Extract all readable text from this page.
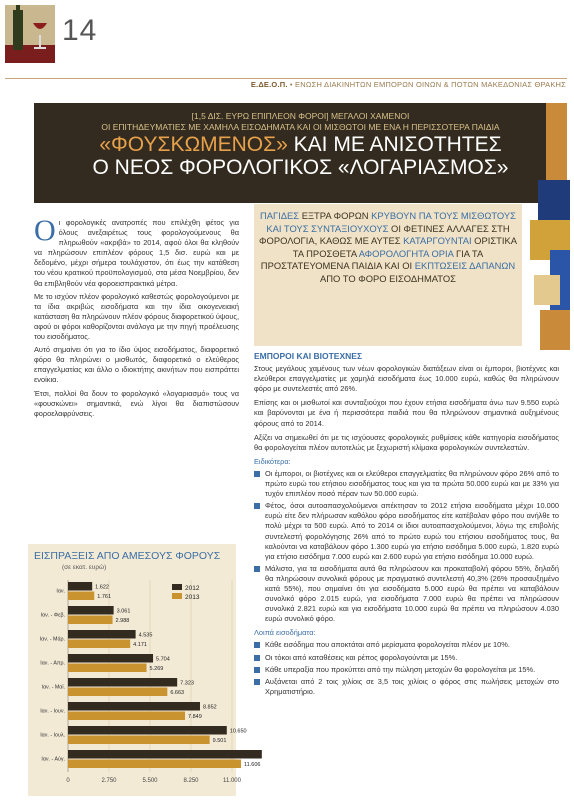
14
Ε.ΔΕ.Ο.Π. • ΕΝΩΣΗ ΔΙΑΚΙΝΗΤΩΝ ΕΜΠΟΡΩΝ ΟΙΝΩΝ & ΠΟΤΩΝ ΜΑΚΕΔΟΝΙΑΣ ΘΡΑΚΗΣ
[1,5 ΔΙΣ. ΕΥΡΩ ΕΠΙΠΛΕΟΝ ΦΟΡΟΙ] ΜΕΓΑΛΟΙ ΧΑΜΕΝΟΙ
ΟΙ ΕΠΙΤΗΔΕΥΜΑΤΙΕΣ ΜΕ ΧΑΜΗΛΑ ΕΙΣΟΔΗΜΑΤΑ ΚΑΙ ΟΙ ΜΙΣΘΩΤΟΙ ΜΕ ΕΝΑ Η ΠΕΡΙΣΣΟΤΕΡΑ ΠΑΙΔΙΑ
«ΦΟΥΣΚΩΜΕΝΟΣ» ΚΑΙ ΜΕ ΑΝΙΣΟΤΗΤΕΣ
Ο ΝΕΟΣ ΦΟΡΟΛΟΓΙΚΟΣ «ΛΟΓΑΡΙΑΣΜΟΣ»
ΠΑΓΙΔΕΣ ΕΞΤΡΑ ΦΟΡΩΝ ΚΡΥΒΟΥΝ ΠΑ ΤΟΥΣ ΜΙΣΘΩΤΟΥΣ ΚΑΙ ΤΟΥΣ ΣΥΝΤΑΞΙΟΥΧΟΥΣ ΟΙ ΦΕΤΙΝΕΣ ΑΛΛΑΓΕΣ ΣΤΗ ΦΟΡΟΛΟΓΙΑ, ΚΑΘΩΣ ΜΕ ΑΥΤΕΣ ΚΑΤΑΡΓΟΥΝΤΑΙ ΟΡΙΣΤΙΚΑ ΤΑ ΠΡΟΣΘΕΤΑ ΑΦΟΡΟΛΟΓΗΤΑ ΟΡΙΑ ΓΙΑ ΤΑ ΠΡΟΣΤΑΤΕΥΟΜΕΝΑ ΠΑΙΔΙΑ ΚΑΙ ΟΙ ΕΚΠΤΩΣΕΙΣ ΔΑΠΑΝΩΝ ΑΠΟ ΤΟ ΦΟΡΟ ΕΙΣΟΔΗΜΑΤΟΣ

Οι φορολογικές ανατροπές που επιλέχθη φέτος για όλους ανεξαιρέτως τους φορολογούμενους θα πληρωθούν «ακριβά» το 2014, αφού όλοι θα κληθούν να πληρώσουν επιπλέον φόρους 1,5 δισ. ευρώ και με δεδομένο, μέχρι σήμερα τουλάχιστον, ότι έως την κατάθεση του νέου κρατικού προϋπολογισμού, στα μέσα Νοεμβρίου, δεν θα επιβληθούν νέα φοροεισπρακτικά μέτρα.

Με το ισχύον πλέον φορολογικό καθεστώς φορολογούμενοι με τα ίδια ακριβώς εισοδήματα και την ίδια οικογενειακή κατάσταση θα πληρώνουν πλέον φόρους διαφορετικού ύψους, αφού οι φόροι καθορίζονται ανάλογα με την πηγή προέλευσης του εισοδήματος.

Αυτό σημαίνει ότι για το ίδιο ύψος εισοδήματος, διαφορετικό φόρο θα πληρώνει ο μισθωτός, διαφορετικό ο ελεύθερος επαγγελματίας και άλλο ο ιδιοκτήτης ακινήτων που εισπράττει ενοίκια.

Έτσι, πολλοί θα δουν το φορολογικό «λογαριασμό» τους να «φουσκώνει» σημαντικά, ενώ λίγοι θα διαπιστώσουν φοροελαφρύνσεις.

ΕΜΠΟΡΟΙ ΚΑΙ ΒΙΟΤΕΧΝΕΣ

Στους μεγάλους χαμένους των νέων φορολογικών διατάξεων είναι οι έμποροι, βιοτέχνες και ελεύθεροι επαγγελματίες με χαμηλά εισοδήματα έως 10.000 ευρώ, καθώς θα πληρώνουν φόρο με συντελεστές από 26%.

Επίσης και οι μισθωτοί και συνταξιούχοι που έχουν ετήσια εισοδήματα άνω των 9.550 ευρώ και βαρύνονται με ένα ή περισσότερα παιδιά που θα πληρώνουν σημαντικά αυξημένους φόρους από το 2014.

Αξίζει να σημειωθεί ότι με τις ισχύουσες φορολογικές ρυθμίσεις κάθε κατηγορία εισοδήματος θα φορολογείται πλέον αυτοτελώς με ξεχωριστή κλίμακα φορολογικών συντελεστών.

Ειδικότερα:
Οι έμποροι, οι βιοτέχνες και οι ελεύθεροι επαγγελματίες θα πληρώνουν φόρο 26% από το πρώτο ευρώ του ετήσιου εισοδήματος τους και για τα πρώτα 50.000 ευρώ και με 33% για τυχόν επιπλέον ποσό πέραν των 50.000 ευρώ.
Φέτος, όσοι αυτοαπασχολούμενοι απέκτησαν το 2012 ετήσια εισοδήματα μέχρι 10.000 ευρώ είτε δεν πλήρωσαν καθόλου φόρο εισοδήματος είτε κατέβαλαν φόρο που ανήλθε το πολύ μέχρι τα 500 ευρώ. Από το 2014 οι ίδιοι αυτοαπασχολούμενοι, λόγω της επιβολής συντελεστή φορολόγησης 26% από το πρώτο ευρώ του ετήσιου εισοδήματος τους, θα καλούνται να καταβάλουν φόρο 1.300 ευρώ για ετήσιο εισόδημα 5.000 ευρώ, 1.820 ευρώ για ετήσιο εισόδημα 7.000 ευρώ και 2.600 ευρώ για ετήσιο εισόδημα 10.000 ευρώ.
Μάλιστα, για τα εισοδήματα αυτά θα πληρώσουν και προκαταβολή φόρου 55%, δηλαδή θα πληρώσουν συνολικά φόρους με πραγματικό συντελεστή 40,3% (26% προσαυξημένο κατά 55%), που σημαίνει ότι για εισοδήματα 5.000 ευρώ θα πρέπει να καταβάλουν συνολικό φόρο 2.015 ευρώ, για εισοδήματα 7.000 ευρώ θα πρέπει να πληρώσουν συνολικά 2.821 ευρώ και για εισοδήματα 10.000 ευρώ θα πρέπει να πληρώσουν 4.030 ευρώ συνολικό φόρο.
Λοιπά εισοδήματα:
Κάθε εισόδημα που αποκτάται από μερίσματα φορολογείται πλέον με 10%.
Οι τόκοι από καταθέσεις και ρέπος φορολογούνται με 15%.
Κάθε υπεραξία που προκύπτει από την πώληση μετοχών θα φορολογείται με 15%.
Αυξάνεται από 2 τοις χιλίοις σε 3,5 τοις χιλίοις ο φόρος στις πωλήσεις μετοχών στο Χρηματιστήριο.
ΕΙΣΠΡΑΞΕΙΣ ΑΠΟ ΑΜΕΣΟΥΣ ΦΟΡΟΥΣ
(σε εκατ. ευρώ)
0	2.750	5.500	8.250	11.000
Ιαν.
1.622
1.761
Ιαν. - Φεβ.
3.061
2.988
Ιαν. - Μάρ.
4.535
4.171
Ιαν. - Απρ.
5.704
5.269
Ιαν. - Μαϊ.
7.323
6.663
Ιαν. - Ιουν.
8.852
7.849
Ιαν. - Ιουλ.
10.650
9.501
Ιαν. - Αύγ.
11.606
2012
2013
